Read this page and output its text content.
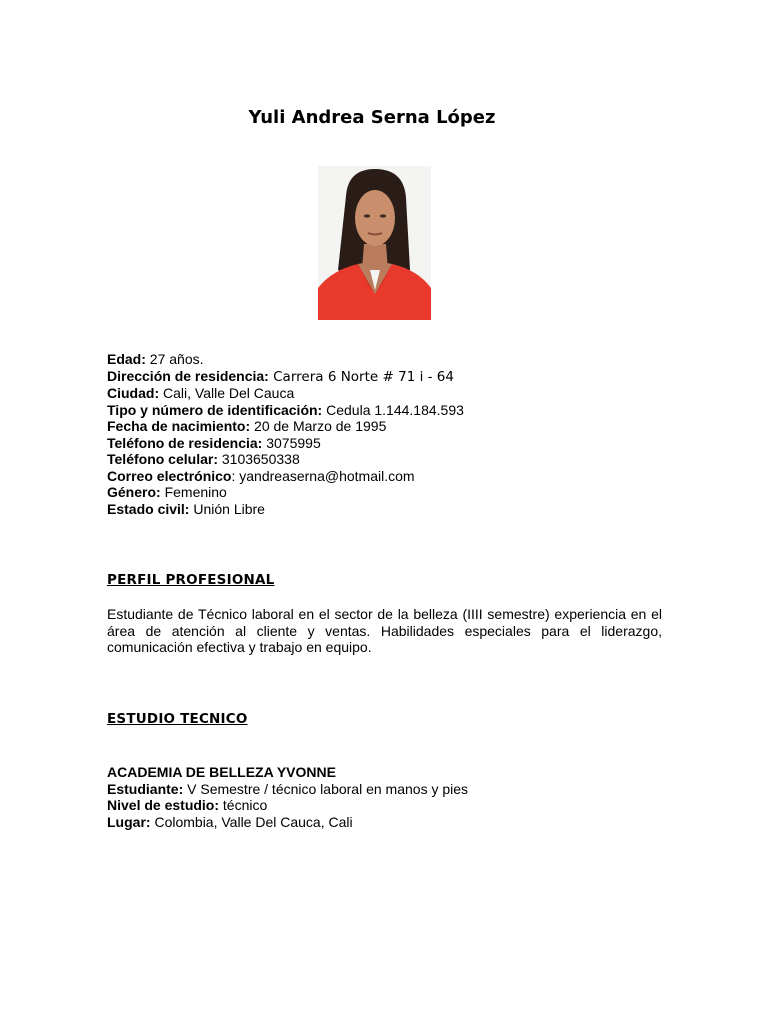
Yuli Andrea Serna López
Edad: 27 años.
Dirección de residencia: Carrera 6 Norte # 71 i - 64
Ciudad: Cali, Valle Del Cauca
Tipo y número de identificación: Cedula 1.144.184.593
Fecha de nacimiento: 20 de Marzo de 1995
Teléfono de residencia: 3075995
Teléfono celular: 3103650338
Correo electrónico: yandreaserna@hotmail.com
Género: Femenino
Estado civil: Unión Libre
PERFIL PROFESIONAL
Estudiante de Técnico laboral en el sector de la belleza (IIII semestre) experiencia en el área de atención al cliente y ventas. Habilidades especiales para el liderazgo, comunicación efectiva y trabajo en equipo.
ESTUDIO TECNICO
ACADEMIA DE BELLEZA YVONNE
Estudiante: V Semestre / técnico laboral en manos y pies
Nivel de estudio: técnico
Lugar: Colombia, Valle Del Cauca, Cali
